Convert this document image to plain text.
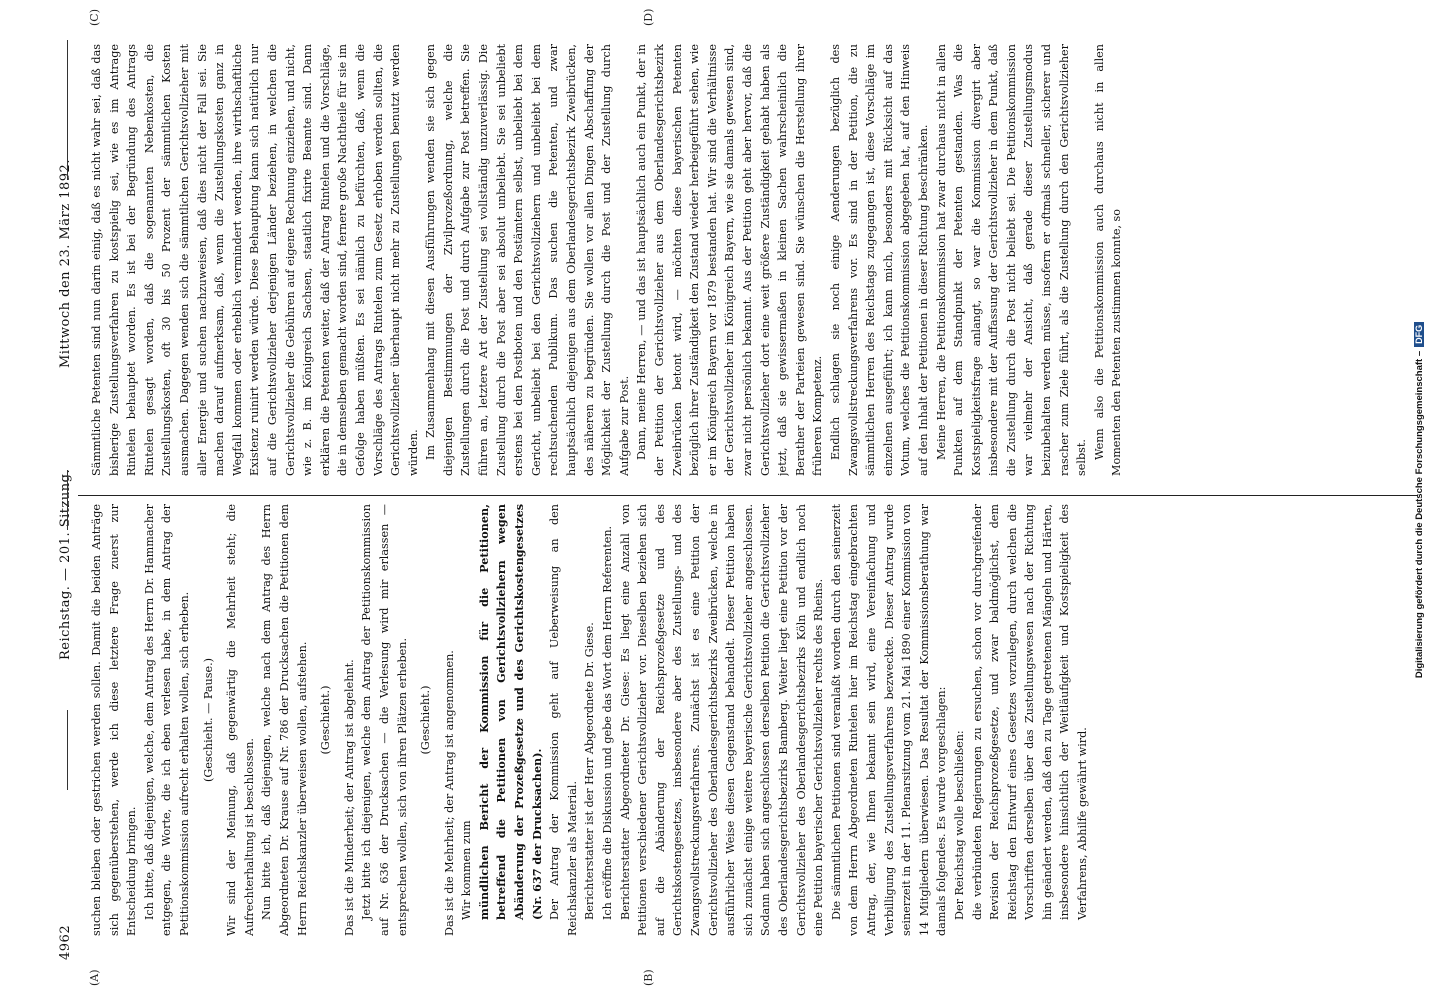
4962
Reichstag. — 201. Sitzung.
Mittwoch den 23. März 1892.
(A)	(B)
(C)	(D)

suchen bleiben oder gestrichen werden sollen. Damit die beiden Anträge sich gegenüberstehen, werde ich diese letztere Frage zuerst zur Entscheidung bringen. Ich bitte, daß diejenigen, welche, dem Antrag des Herrn Dr. Hammacher entgegen, die Worte, die ich eben verlesen habe, in dem Antrag der Petitionskommission aufrecht erhalten wollen, sich erheben. (Geschieht. — Pause.) Wir sind der Meinung, daß gegenwärtig die Mehrheit steht; die Aufrechterhaltung ist beschlossen. Nun bitte ich, daß diejenigen, welche nach dem Antrag des Herrn Abgeordneten Dr. Krause auf Nr. 786 der Drucksachen die Petitionen dem Herrn Reichskanzler überweisen wollen, aufstehen. (Geschieht.) Das ist die Minderheit; der Antrag ist abgelehnt. Jetzt bitte ich diejenigen, welche dem Antrag der Petitionskommission auf Nr. 636 der Drucksachen — die Verlesung wird mir erlassen — entsprechen wollen, sich von ihren Plätzen erheben. (Geschieht.) Das ist die Mehrheit; der Antrag ist angenommen. Wir kommen zum mündlichen Bericht der Kommission für die Petitionen, betreffend die Petitionen von Gerichtsvollziehern wegen Abänderung der Prozeßgesetze und des Gerichtskostengesetzes (Nr. 637 der Drucksachen). Der Antrag der Kommission geht auf Ueberweisung an den Reichskanzler als Material. Berichterstatter ist der Herr Abgeordnete Dr. Giese. Ich eröffne die Diskussion und gebe das Wort dem Herrn Referenten. Berichterstatter Abgeordneter Dr. Giese: Es liegt eine Anzahl von Petitionen verschiedener Gerichtsvollzieher vor. Dieselben beziehen sich auf die Abänderung der Reichsprozeßgesetze und des Gerichtskostengesetzes, insbesondere aber des Zustellungs- und des Zwangsvollstreckungsverfahrens. Zunächst ist es eine Petition der Gerichtsvollzieher des Oberlandesgerichtsbezirks Zweibrücken, welche in ausführlicher Weise diesen Gegenstand behandelt. Dieser Petition haben sich zunächst einige weitere bayerische Gerichtsvollzieher angeschlossen. Sodann haben sich angeschlossen derselben Petition die Gerichtsvollzieher des Oberlandesgerichtsbezirks Bamberg. Weiter liegt eine Petition vor der Gerichtsvollzieher des Oberlandesgerichtsbezirks Köln und endlich noch eine Petition bayerischer Gerichtsvollzieher rechts des Rheins. Die sämmtlichen Petitionen sind veranlaßt worden durch den seinerzeit von dem Herrn Abgeordneten Rintelen hier im Reichstag eingebrachten Antrag, der, wie Ihnen bekannt sein wird, eine Vereinfachung und Verbilligung des Zustellungsverfahrens bezweckte. Dieser Antrag wurde seinerzeit in der 11. Plenarsitzung vom 21. Mai 1890 einer Kommission von 14 Mitgliedern überwiesen. Das Resultat der Kommissionsberathung war damals folgendes. Es wurde vorgeschlagen: Der Reichstag wolle beschließen: die verbündeten Regierungen zu ersuchen, schon vor durchgreifender Revision der Reichsprozeßgesetze, und zwar baldmöglichst, dem Reichstag den Entwurf eines Gesetzes vorzulegen, durch welchen die Vorschriften derselben über das Zustellungswesen nach der Richtung hin geändert werden, daß den zu Tage getretenen Mängeln und Härten, insbesondere hinsichtlich der Weitläufigkeit und Kostspieligkeit des Verfahrens, Abhilfe gewährt wird.

Sämmtliche Petenten sind nun darin einig, daß es nicht wahr sei, daß das bisherige Zustellungsverfahren zu kostspielig sei, wie es im Antrage Rintelen behauptet worden. Es ist bei der Begründung des Antrags Rintelen gesagt worden, daß die sogenannten Nebenkosten, die Zustellungskosten, oft 30 bis 50 Prozent der sämmtlichen Kosten ausmachen. Dagegen wenden sich die sämmtlichen Gerichtsvollzieher mit aller Energie und suchen nachzuweisen, daß dies nicht der Fall sei. Sie machen darauf aufmerksam, daß, wenn die Zustellungskosten ganz in Wegfall kommen oder erheblich vermindert werden, ihre wirthschaftliche Existenz ruinirt werden würde. Diese Behauptung kann sich natürlich nur auf die Gerichtsvollzieher derjenigen Länder beziehen, in welchen die Gerichtsvollzieher die Gebühren auf eigene Rechnung einziehen, und nicht, wie z. B. im Königreich Sachsen, staatlich fixirte Beamte sind. Dann erklären die Petenten weiter, daß der Antrag Rintelen und die Vorschläge, die in demselben gemacht worden sind, fernere große Nachtheile für sie im Gefolge haben müßten. Es sei nämlich zu befürchten, daß, wenn die Vorschläge des Antrags Rintelen zum Gesetz erhoben werden sollten, die Gerichtsvollzieher überhaupt nicht mehr zu Zustellungen benutzt werden würden. Im Zusammenhang mit diesen Ausführungen wenden sie sich gegen diejenigen Bestimmungen der Zivilprozeßordnung, welche die Zustellungen durch die Post und durch Aufgabe zur Post betreffen. Sie führen an, letztere Art der Zustellung sei vollständig unzuverlässig. Die Zustellung durch die Post aber sei absolut unbeliebt. Sie sei unbeliebt erstens bei den Postboten und den Postämtern selbst, unbeliebt bei dem Gericht, unbeliebt bei den Gerichtsvollziehern und unbeliebt bei dem rechtsuchenden Publikum. Das suchen die Petenten, und zwar hauptsächlich diejenigen aus dem Oberlandesgerichtsbezirk Zweibrücken, des näheren zu begründen. Sie wollen vor allen Dingen Abschaffung der Möglichkeit der Zustellung durch die Post und der Zustellung durch Aufgabe zur Post. Dann, meine Herren, — und das ist hauptsächlich auch ein Punkt, der in der Petition der Gerichtsvollzieher aus dem Oberlandesgerichtsbezirk Zweibrücken betont wird, — möchten diese bayerischen Petenten bezüglich ihrer Zuständigkeit den Zustand wieder herbeigeführt sehen, wie er im Königreich Bayern vor 1879 bestanden hat. Wir sind die Verhältnisse der Gerichtsvollzieher im Königreich Bayern, wie sie damals gewesen sind, zwar nicht persönlich bekannt. Aus der Petition geht aber hervor, daß die Gerichtsvollzieher dort eine weit größere Zuständigkeit gehabt haben als jetzt, daß sie gewissermaßen in kleinen Sachen wahrscheinlich die Berather der Parteien gewesen sind. Sie wünschen die Herstellung ihrer früheren Kompetenz. Endlich schlagen sie noch einige Aenderungen bezüglich des Zwangsvollstreckungsverfahrens vor. Es sind in der Petition, die zu sämmtlichen Herren des Reichstags zugegangen ist, diese Vorschläge im einzelnen ausgeführt; ich kann mich, besonders mit Rücksicht auf das Votum, welches die Petitionskommission abgegeben hat, auf den Hinweis auf den Inhalt der Petitionen in dieser Richtung beschränken. Meine Herren, die Petitionskommission hat zwar durchaus nicht in allen Punkten auf dem Standpunkt der Petenten gestanden. Was die Kostspieligkeitsfrage anlangt, so war die Kommission divergirt aber insbesondere mit der Auffassung der Gerichtsvollzieher in dem Punkt, daß die Zustellung durch die Post nicht beliebt sei. Die Petitionskommission war vielmehr der Ansicht, daß gerade dieser Zustellungsmodus beizubehalten werden müsse, insofern er oftmals schneller, sicherer und rascher zum Ziele führt, als die Zustellung durch den Gerichtsvollzieher selbst. Wenn also die Petitionskommission auch durchaus nicht in allen Momenten den Petenten zustimmen konnte, so

Digitalisierung gefördert durch die Deutsche Forschungsgemeinschaft –DFG
